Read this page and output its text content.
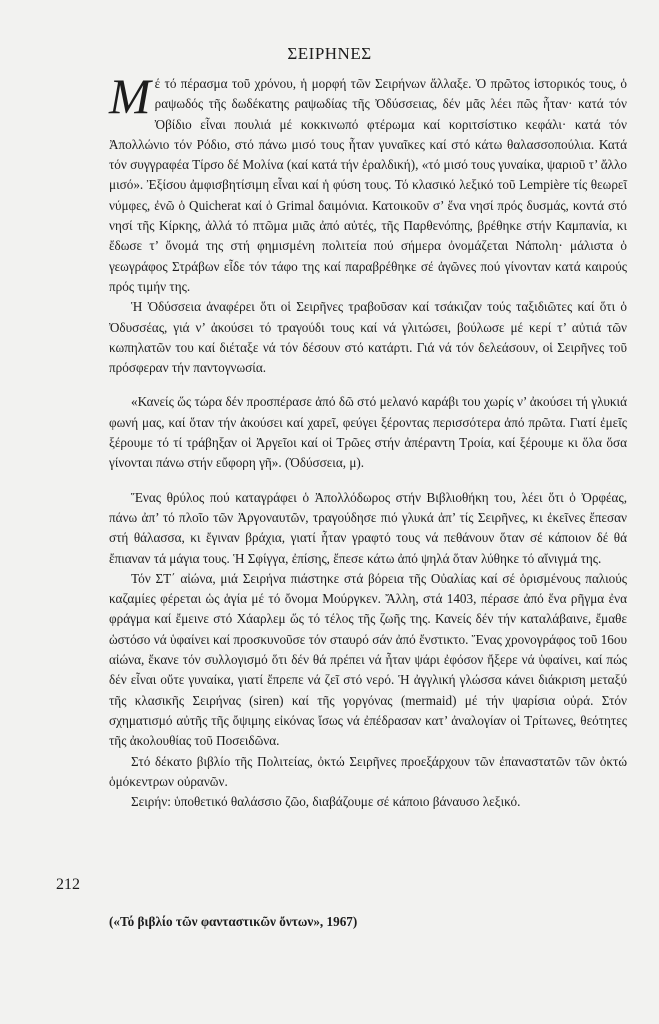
ΣΕΙΡΗΝΕΣ

Μέ τό πέρασμα τοῦ χρόνου, ἡ μορφή τῶν Σειρήνων ἄλλαξε. Ὁ πρῶτος ἱστορικός τους, ὁ ραψωδός τῆς δωδέκατης ραψωδίας τῆς Ὀδύσσειας, δέν μᾶς λέει πῶς ἦταν· κατά τόν Ὀβίδιο εἶναι πουλιά μέ κοκκινωπό φτέρωμα καί κοριτσίστικο κεφάλι· κατά τόν Ἀπολλώνιο τόν Ρόδιο, στό πάνω μισό τους ἦταν γυναῖκες καί στό κάτω θαλασσοπούλια. Κατά τόν συγγραφέα Τίρσο δέ Μολίνα (καί κατά τήν ἐραλδική), «τό μισό τους γυναίκα, ψαριοῦ τ’ ἄλλο μισό». Ἐξίσου ἀμφισβητίσιμη εἶναι καί ἡ φύση τους. Τό κλασικό λεξικό τοῦ Lempière τίς θεωρεῖ νύμφες, ἐνῶ ὁ Quicherat καί ὁ Grimal δαιμόνια. Κατοικοῦν σ’ ἕνα νησί πρός δυσμάς, κοντά στό νησί τῆς Κίρκης, ἀλλά τό πτῶμα μιᾶς ἀπό αὐτές, τῆς Παρθενόπης, βρέθηκε στήν Καμπανία, κι ἔδωσε τ’ ὄνομά της στή φημισμένη πολιτεία πού σήμερα ὀνομάζεται Νάπολη· μάλιστα ὁ γεωγράφος Στράβων εἶδε τόν τάφο της καί παραβρέθηκε σέ ἀγῶνες πού γίνονταν κατά καιρούς πρός τιμήν της.

Ἡ Ὀδύσσεια ἀναφέρει ὅτι οἱ Σειρῆνες τραβοῦσαν καί τσάκιζαν τούς ταξιδιῶτες καί ὅτι ὁ Ὀδυσσέας, γιά ν’ ἀκούσει τό τραγούδι τους καί νά γλιτώσει, βούλωσε μέ κερί τ’ αὐτιά τῶν κωπηλατῶν του καί διέταξε νά τόν δέσουν στό κατάρτι. Γιά νά τόν δελεάσουν, οἱ Σειρῆνες τοῦ πρόσφεραν τήν παντογνωσία.

«Κανείς ὥς τώρα δέν προσπέρασε ἀπό δῶ στό μελανό καράβι του χωρίς ν’ ἀκούσει τή γλυκιά φωνή μας, καί ὅταν τήν ἀκούσει καί χαρεῖ, φεύγει ξέροντας περισσότερα ἀπό πρῶτα. Γιατί ἐμεῖς ξέρουμε τό τί τράβηξαν οἱ Ἀργεῖοι καί οἱ Τρῶες στήν ἀπέραντη Τροία, καί ξέρουμε κι ὅλα ὅσα γίνονται πάνω στήν εὔφορη γῆ». (Ὀδύσσεια, μ).

Ἕνας θρύλος πού καταγράφει ὁ Ἀπολλόδωρος στήν Βιβλιοθήκη του, λέει ὅτι ὁ Ὀρφέας, πάνω ἀπ’ τό πλοῖο τῶν Ἀργοναυτῶν, τραγούδησε πιό γλυκά ἀπ’ τίς Σειρῆνες, κι ἐκεῖνες ἔπεσαν στή θάλασσα, κι ἔγιναν βράχια, γιατί ἦταν γραφτό τους νά πεθάνουν ὅταν σέ κάποιον δέ θά ἔπιαναν τά μάγια τους. Ἡ Σφίγγα, ἐπίσης, ἔπεσε κάτω ἀπό ψηλά ὅταν λύθηκε τό αἴνιγμά της.

Τόν ΣΤ΄ αἰώνα, μιά Σειρήνα πιάστηκε στά βόρεια τῆς Οὐαλίας καί σέ ὁρισμένους παλιούς καζαμίες φέρεται ὡς ἁγία μέ τό ὄνομα Μούργκεν. Ἄλλη, στά 1403, πέρασε ἀπό ἕνα ρῆγμα ἐνα φράγμα καί ἔμεινε στό Χάαρλεμ ὥς τό τέλος τῆς ζωῆς της. Κανείς δέν τήν καταλάβαινε, ἔμαθε ὡστόσο νά ὑφαίνει καί προσκυνοῦσε τόν σταυρό σάν ἀπό ἔνστικτο. Ἕνας χρονογράφος τοῦ 16ου αἰώνα, ἔκανε τόν συλλογισμό ὅτι δέν θά πρέπει νά ἦταν ψάρι ἐφόσον ἤξερε νά ὑφαίνει, καί πώς δέν εἶναι οὔτε γυναίκα, γιατί ἔπρεπε νά ζεῖ στό νερό. Ἡ ἀγγλική γλώσσα κάνει διάκριση μεταξύ τῆς κλασικῆς Σειρήνας (siren) καί τῆς γοργόνας (mermaid) μέ τήν ψαρίσια οὐρά. Στόν σχηματισμό αὐτῆς τῆς ὄψιμης εἰκόνας ἴσως νά ἐπέδρασαν κατ’ ἀναλογίαν οἱ Τρίτωνες, θεότητες τῆς ἀκολουθίας τοῦ Ποσειδῶνα.

Στό δέκατο βιβλίο τῆς Πολιτείας, ὀκτώ Σειρῆνες προεξάρχουν τῶν ἐπαναστατῶν τῶν ὀκτώ ὁμόκεντρων οὐρανῶν.

Σειρήν: ὑποθετικό θαλάσσιο ζῶο, διαβάζουμε σέ κάποιο βάναυσο λεξικό.

212
(«Τό βιβλίο τῶν φανταστικῶν ὄντων», 1967)
